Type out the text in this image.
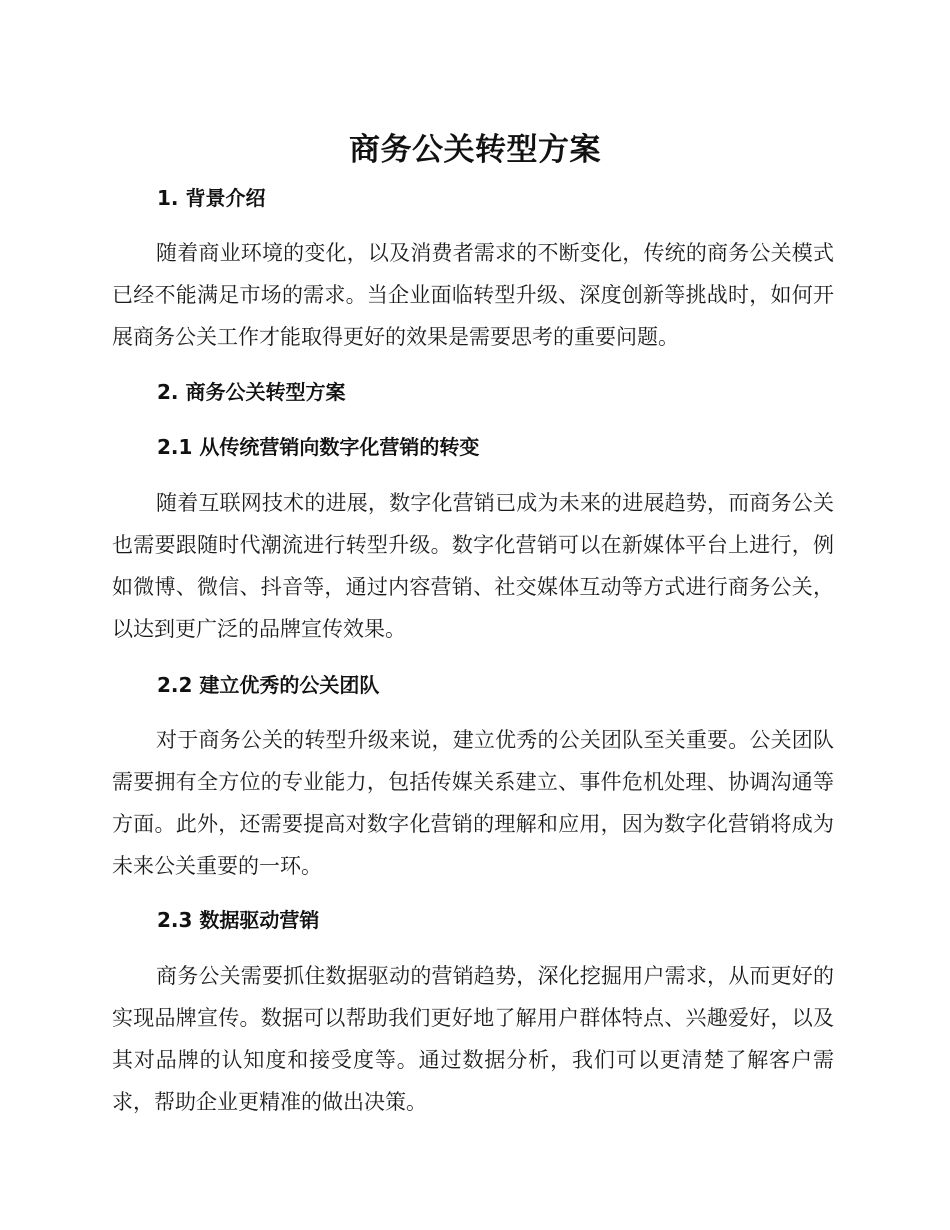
商务公关转型方案
1. 背景介绍
随着商业环境的变化，以及消费者需求的不断变化，传统的商务公关模式已经不能满足市场的需求。当企业面临转型升级、深度创新等挑战时，如何开展商务公关工作才能取得更好的效果是需要思考的重要问题。
2. 商务公关转型方案
2.1 从传统营销向数字化营销的转变
随着互联网技术的进展，数字化营销已成为未来的进展趋势，而商务公关也需要跟随时代潮流进行转型升级。数字化营销可以在新媒体平台上进行，例如微博、微信、抖音等，通过内容营销、社交媒体互动等方式进行商务公关，以达到更广泛的品牌宣传效果。
2.2 建立优秀的公关团队
对于商务公关的转型升级来说，建立优秀的公关团队至关重要。公关团队需要拥有全方位的专业能力，包括传媒关系建立、事件危机处理、协调沟通等方面。此外，还需要提高对数字化营销的理解和应用，因为数字化营销将成为未来公关重要的一环。
2.3 数据驱动营销
商务公关需要抓住数据驱动的营销趋势，深化挖掘用户需求，从而更好的实现品牌宣传。数据可以帮助我们更好地了解用户群体特点、兴趣爱好，以及其对品牌的认知度和接受度等。通过数据分析，我们可以更清楚了解客户需求，帮助企业更精准的做出决策。
